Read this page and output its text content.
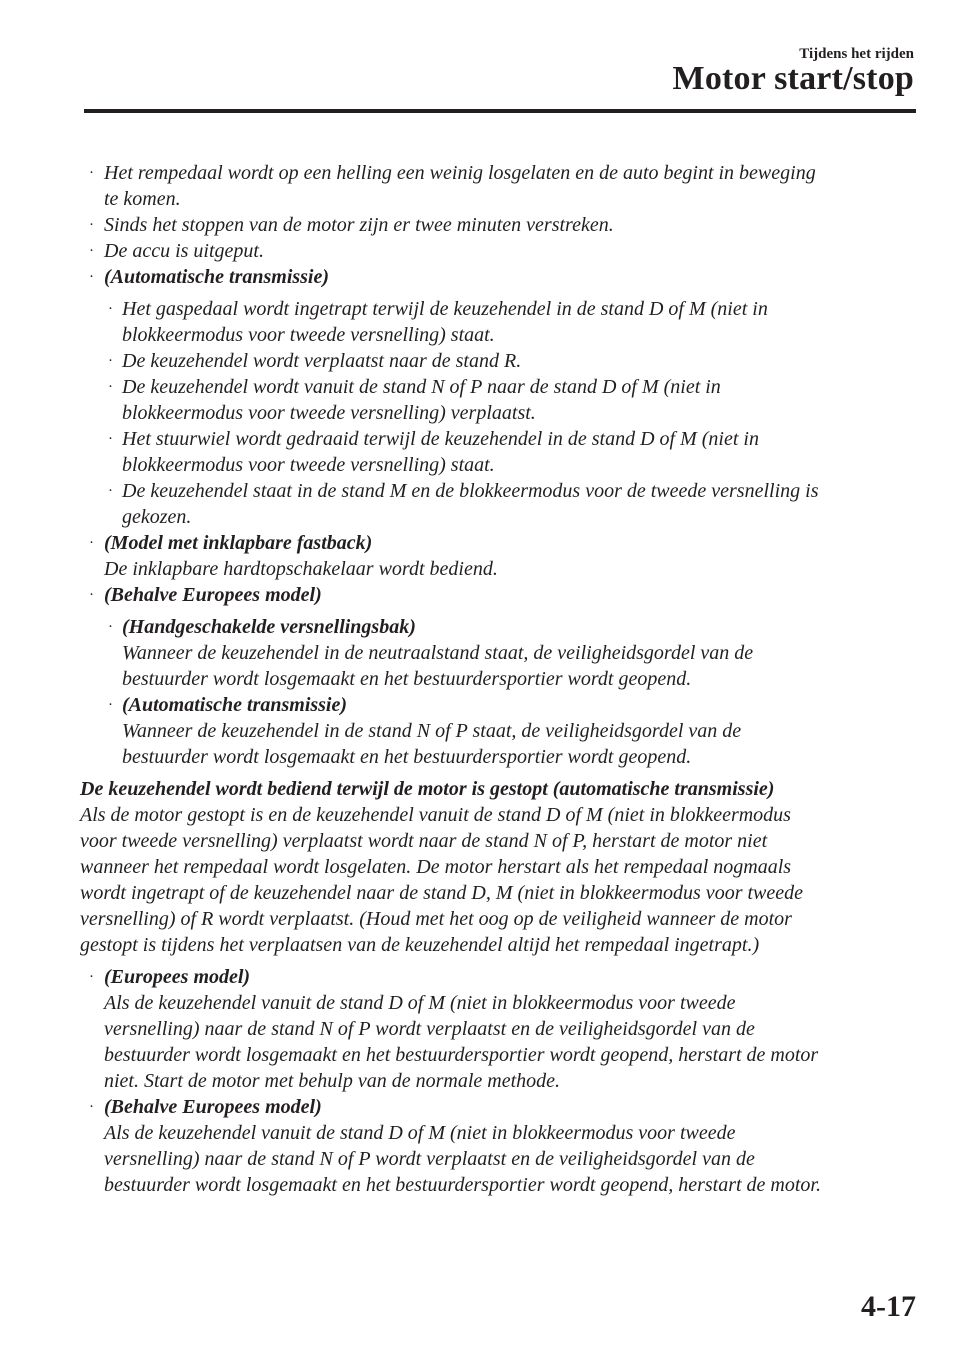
Tijdens het rijden
Motor start/stop
· Het rempedaal wordt op een helling een weinig losgelaten en de auto begint in beweging
te komen.
· Sinds het stoppen van de motor zijn er twee minuten verstreken.
· De accu is uitgeput.
· (Automatische transmissie)
· Het gaspedaal wordt ingetrapt terwijl de keuzehendel in de stand D of M (niet in
blokkeermodus voor tweede versnelling) staat.
· De keuzehendel wordt verplaatst naar de stand R.
· De keuzehendel wordt vanuit de stand N of P naar de stand D of M (niet in
blokkeermodus voor tweede versnelling) verplaatst.
· Het stuurwiel wordt gedraaid terwijl de keuzehendel in de stand D of M (niet in
blokkeermodus voor tweede versnelling) staat.
· De keuzehendel staat in de stand M en de blokkeermodus voor de tweede versnelling is
gekozen.
· (Model met inklapbare fastback)
De inklapbare hardtopschakelaar wordt bediend.
· (Behalve Europees model)
· (Handgeschakelde versnellingsbak)
Wanneer de keuzehendel in de neutraalstand staat, de veiligheidsgordel van de
bestuurder wordt losgemaakt en het bestuurdersportier wordt geopend.
· (Automatische transmissie)
Wanneer de keuzehendel in de stand N of P staat, de veiligheidsgordel van de
bestuurder wordt losgemaakt en het bestuurdersportier wordt geopend.
De keuzehendel wordt bediend terwijl de motor is gestopt (automatische transmissie)
Als de motor gestopt is en de keuzehendel vanuit de stand D of M (niet in blokkeermodus
voor tweede versnelling) verplaatst wordt naar de stand N of P, herstart de motor niet
wanneer het rempedaal wordt losgelaten. De motor herstart als het rempedaal nogmaals
wordt ingetrapt of de keuzehendel naar de stand D, M (niet in blokkeermodus voor tweede
versnelling) of R wordt verplaatst. (Houd met het oog op de veiligheid wanneer de motor
gestopt is tijdens het verplaatsen van de keuzehendel altijd het rempedaal ingetrapt.)
· (Europees model)
Als de keuzehendel vanuit de stand D of M (niet in blokkeermodus voor tweede
versnelling) naar de stand N of P wordt verplaatst en de veiligheidsgordel van de
bestuurder wordt losgemaakt en het bestuurdersportier wordt geopend, herstart de motor
niet. Start de motor met behulp van de normale methode.
· (Behalve Europees model)
Als de keuzehendel vanuit de stand D of M (niet in blokkeermodus voor tweede
versnelling) naar de stand N of P wordt verplaatst en de veiligheidsgordel van de
bestuurder wordt losgemaakt en het bestuurdersportier wordt geopend, herstart de motor.
4-17
